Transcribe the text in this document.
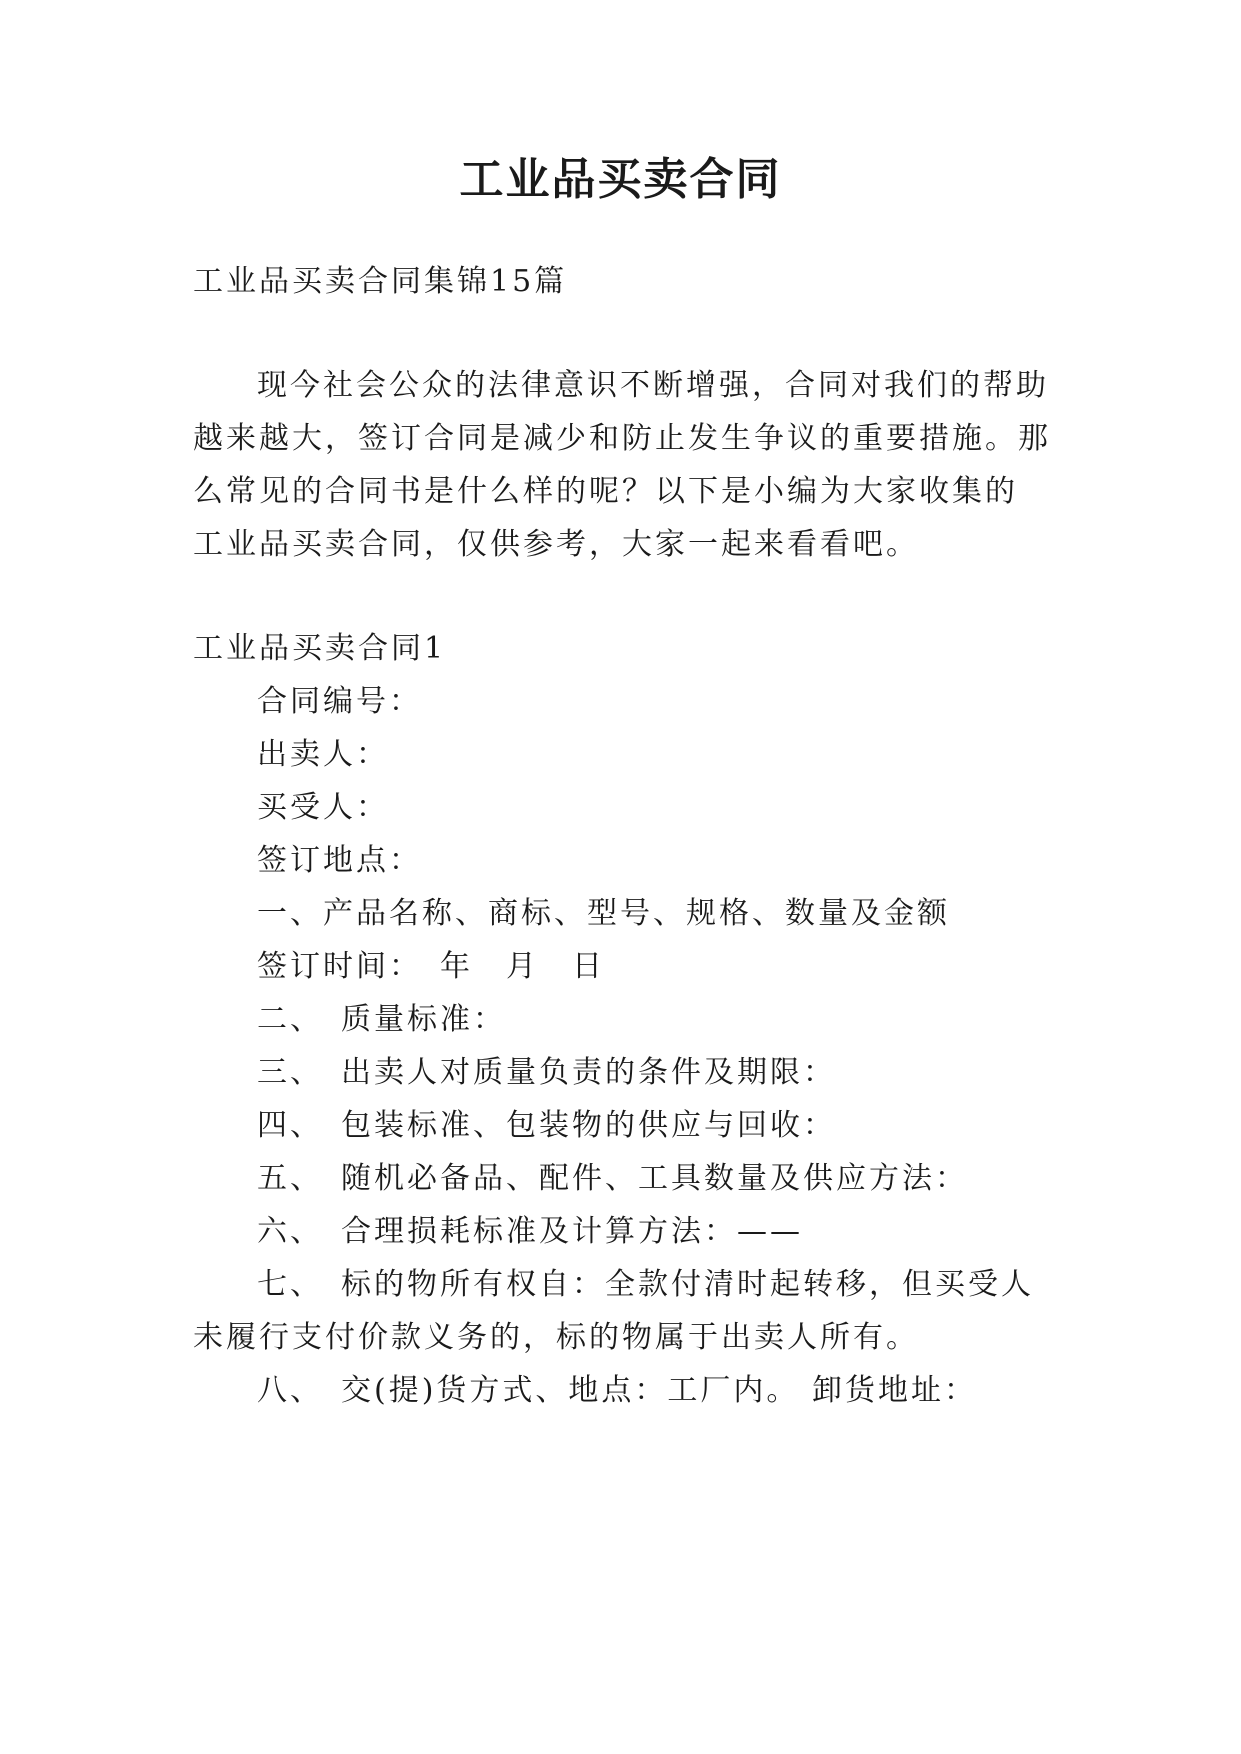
工业品买卖合同

工业品买卖合同集锦15篇

现今社会公众的法律意识不断增强，合同对我们的帮助

越来越大，签订合同是减少和防止发生争议的重要措施。那

么常见的合同书是什么样的呢？以下是小编为大家收集的

工业品买卖合同，仅供参考，大家一起来看看吧。

工业品买卖合同1

合同编号：

出卖人：

买受人：

签订地点：

一、产品名称、商标、型号、规格、数量及金额

签订时间：　年　月　日

二、　质量标准：

三、　出卖人对质量负责的条件及期限：

四、　包装标准、包装物的供应与回收：

五、　随机必备品、配件、工具数量及供应方法：

六、　合理损耗标准及计算方法：——

七、　标的物所有权自：全款付清时起转移，但买受人

未履行支付价款义务的，标的物属于出卖人所有。

八、　交(提)货方式、地点：工厂内。 卸货地址：
